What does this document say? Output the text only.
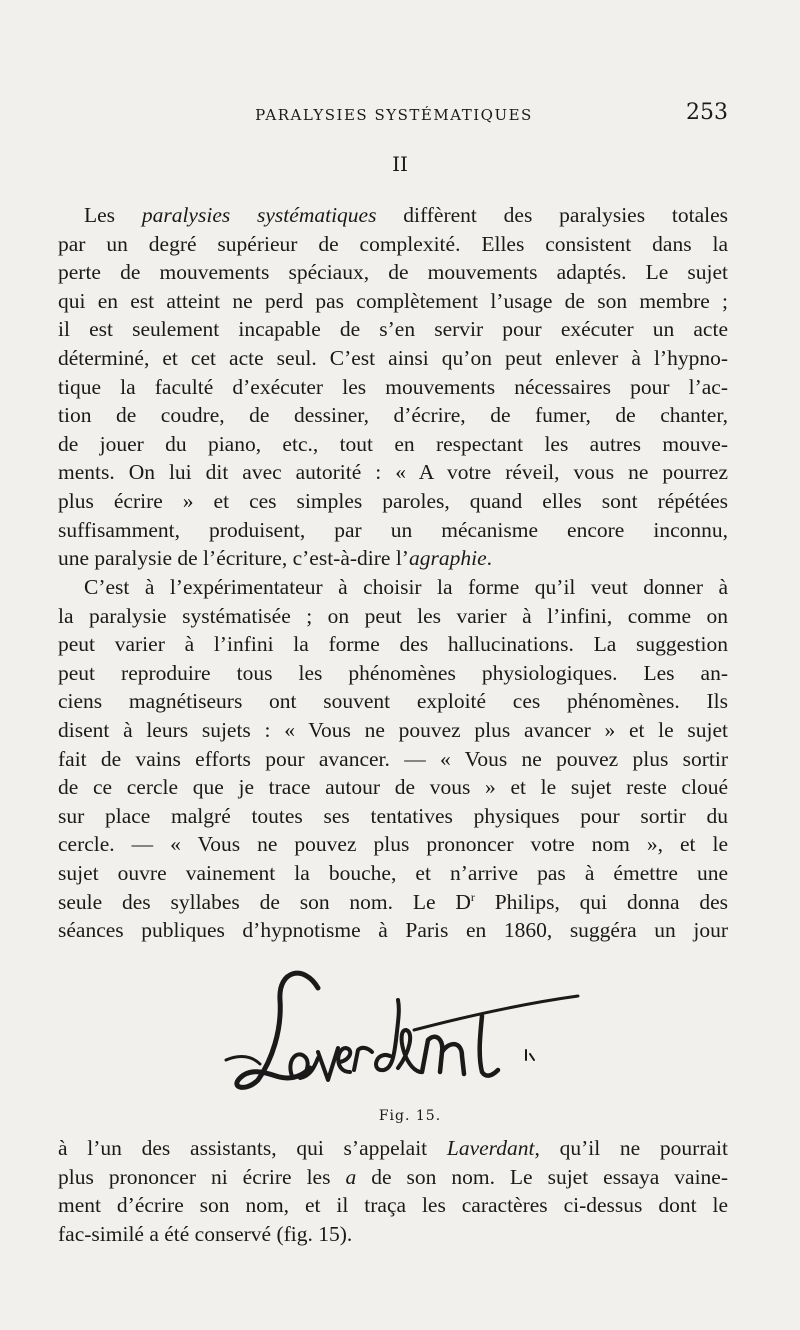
PARALYSIES SYSTÉMATIQUES	253
II
Les paralysies systématiques diffèrent des paralysies totales
par un degré supérieur de complexité. Elles consistent dans la
perte de mouvements spéciaux, de mouvements adaptés. Le sujet
qui en est atteint ne perd pas complètement l’usage de son membre ;
il est seulement incapable de s’en servir pour exécuter un acte
déterminé, et cet acte seul. C’est ainsi qu’on peut enlever à l’hypno-
tique la faculté d’exécuter les mouvements nécessaires pour l’ac-
tion de coudre, de dessiner, d’écrire, de fumer, de chanter,
de jouer du piano, etc., tout en respectant les autres mouve-
ments. On lui dit avec autorité : « A votre réveil, vous ne pourrez
plus écrire » et ces simples paroles, quand elles sont répétées
suffisamment, produisent, par un mécanisme encore inconnu,
une paralysie de l’écriture, c’est-à-dire l’agraphie.
C’est à l’expérimentateur à choisir la forme qu’il veut donner à
la paralysie systématisée ; on peut les varier à l’infini, comme on
peut varier à l’infini la forme des hallucinations. La suggestion
peut reproduire tous les phénomènes physiologiques. Les an-
ciens magnétiseurs ont souvent exploité ces phénomènes. Ils
disent à leurs sujets : « Vous ne pouvez plus avancer » et le sujet
fait de vains efforts pour avancer. — « Vous ne pouvez plus sortir
de ce cercle que je trace autour de vous » et le sujet reste cloué
sur place malgré toutes ses tentatives physiques pour sortir du
cercle. — « Vous ne pouvez plus prononcer votre nom », et le
sujet ouvre vainement la bouche, et n’arrive pas à émettre une
seule des syllabes de son nom. Le $D^r$ Philips, qui donna des
séances publiques d’hypnotisme à Paris en 1860, suggéra un jour
Fig. 15.
à l’un des assistants, qui s’appelait Laverdant, qu’il ne pourrait
plus prononcer ni écrire les a de son nom. Le sujet essaya vaine-
ment d’écrire son nom, et il traça les caractères ci-dessus dont le
fac-similé a été conservé (fig. 15).
